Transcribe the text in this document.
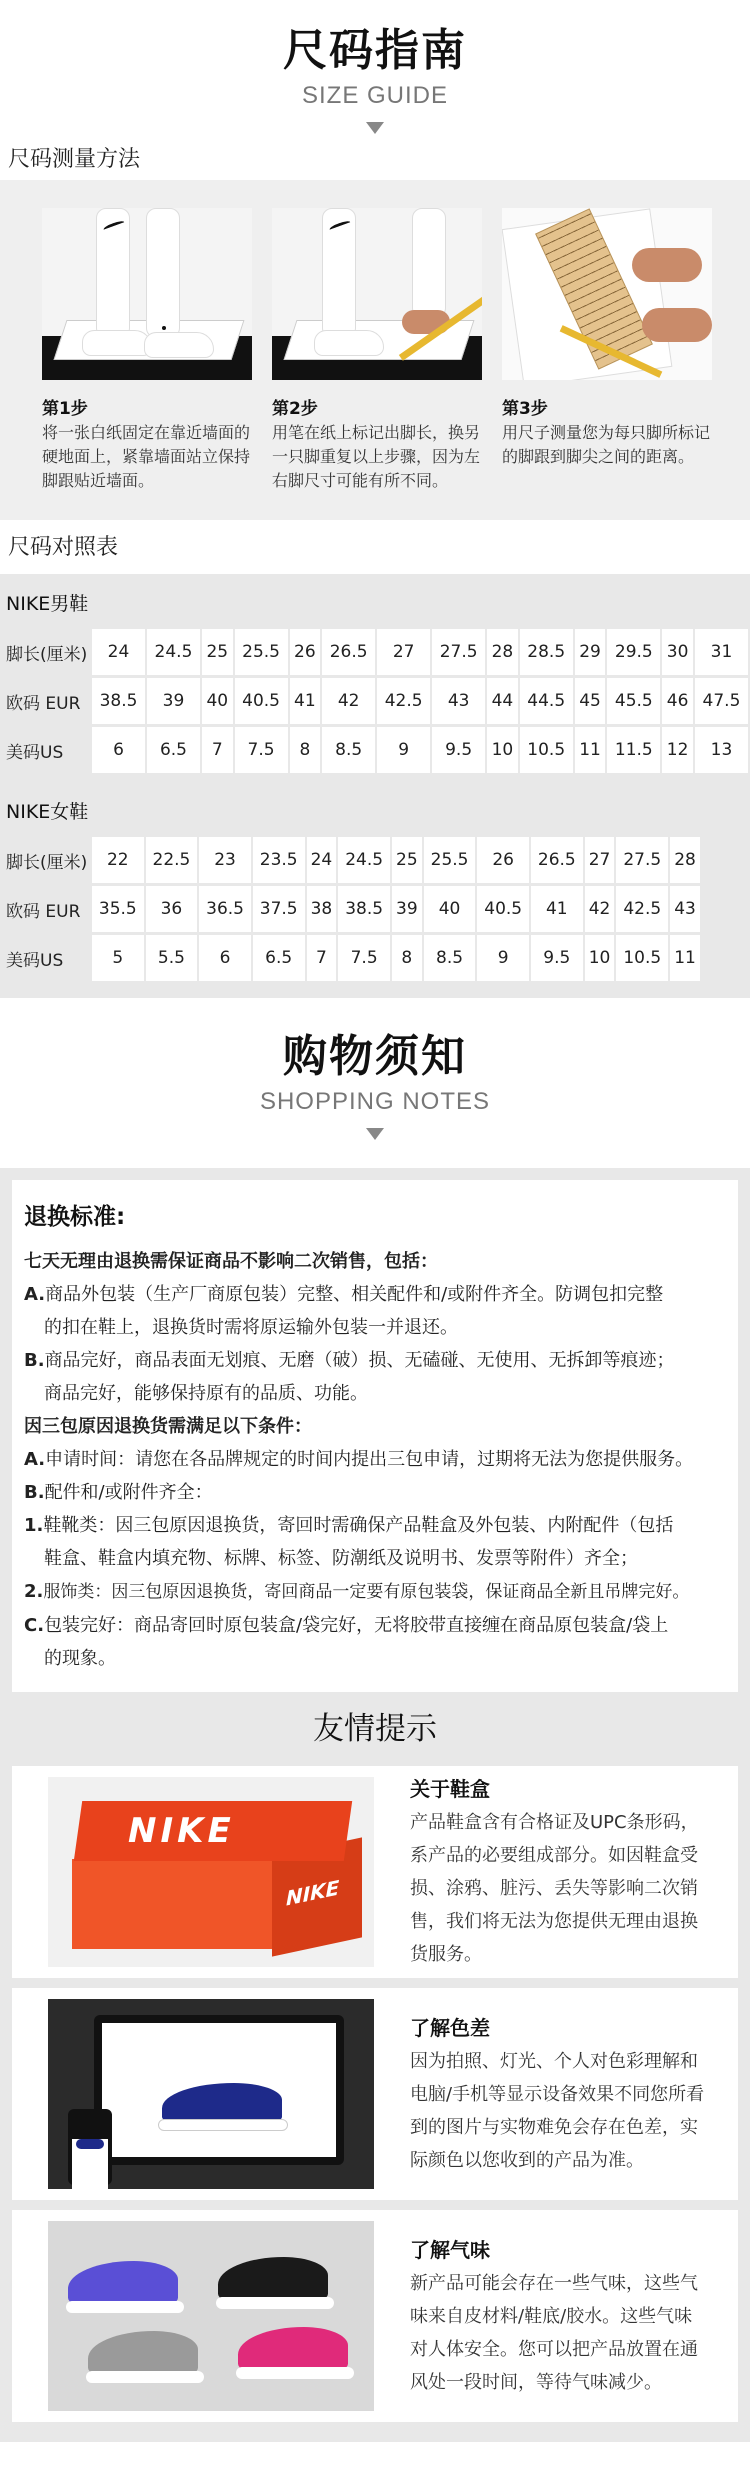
尺码指南
SIZE GUIDE
尺码测量方法
第1步
将一张白纸固定在靠近墙面的硬地面上，紧靠墙面站立保持脚跟贴近墙面。
第2步
用笔在纸上标记出脚长，换另一只脚重复以上步骤，因为左右脚尺寸可能有所不同。
第3步
用尺子测量您为每只脚所标记的脚跟到脚尖之间的距离。
尺码对照表
NIKE男鞋
脚长(厘米)	24	24.5	25	25.5	26	26.5	27	27.5	28	28.5	29	29.5	30	31
欧码 EUR	38.5	39	40	40.5	41	42	42.5	43	44	44.5	45	45.5	46	47.5
美码US	6	6.5	7	7.5	8	8.5	9	9.5	10	10.5	11	11.5	12	13
NIKE女鞋
脚长(厘米)	22	22.5	23	23.5	24	24.5	25	25.5	26	26.5	27	27.5	28
欧码 EUR	35.5	36	36.5	37.5	38	38.5	39	40	40.5	41	42	42.5	43
美码US	5	5.5	6	6.5	7	7.5	8	8.5	9	9.5	10	10.5	11
购物须知
SHOPPING NOTES
退换标准:

七天无理由退换需保证商品不影响二次销售，包括：

A.商品外包装（生产厂商原包装）完整、相关配件和/或附件齐全。防调包扣完整

的扣在鞋上，退换货时需将原运输外包装一并退还。

B.商品完好，商品表面无划痕、无磨（破）损、无磕碰、无使用、无拆卸等痕迹；

商品完好，能够保持原有的品质、功能。

因三包原因退换货需满足以下条件：

A.申请时间：请您在各品牌规定的时间内提出三包申请，过期将无法为您提供服务。

B.配件和/或附件齐全：

1.鞋靴类：因三包原因退换货，寄回时需确保产品鞋盒及外包装、内附配件（包括

鞋盒、鞋盒内填充物、标牌、标签、防潮纸及说明书、发票等附件）齐全；

2.服饰类：因三包原因退换货，寄回商品一定要有原包装袋，保证商品全新且吊牌完好。

C.包装完好：商品寄回时原包装盒/袋完好，无将胶带直接缠在商品原包装盒/袋上

的现象。

友情提示
NIKE
NIKE
关于鞋盒
产品鞋盒含有合格证及UPC条形码，系产品的必要组成部分。如因鞋盒受损、涂鸦、脏污、丢失等影响二次销售，我们将无法为您提供无理由退换货服务。
了解色差
因为拍照、灯光、个人对色彩理解和电脑/手机等显示设备效果不同您所看到的图片与实物难免会存在色差，实际颜色以您收到的产品为准。
了解气味
新产品可能会存在一些气味，这些气味来自皮材料/鞋底/胶水。这些气味对人体安全。您可以把产品放置在通风处一段时间，等待气味减少。
